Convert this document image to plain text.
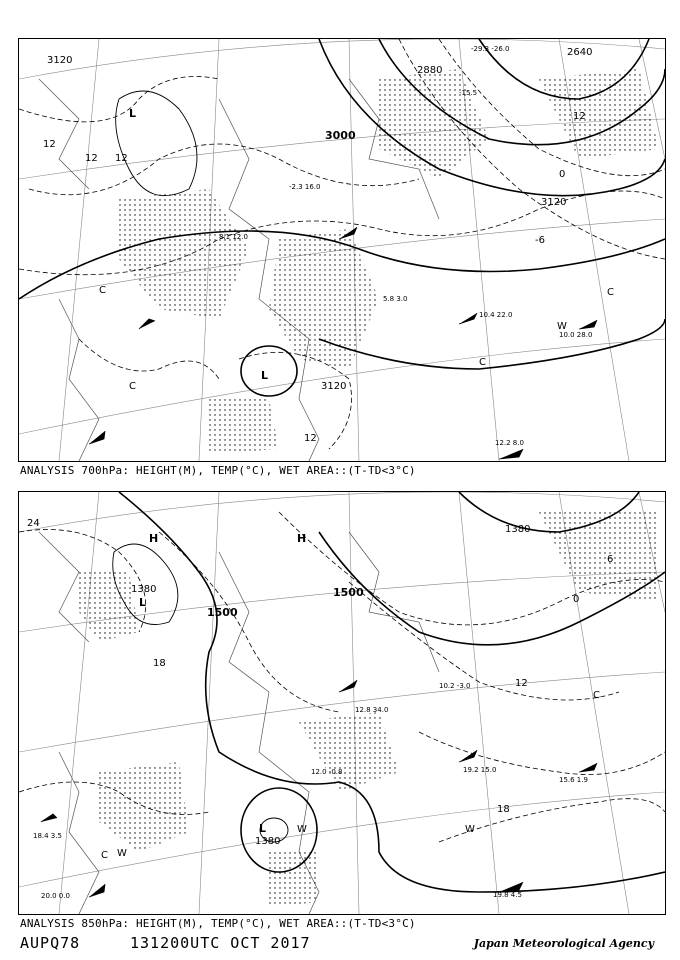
3120
3000
2880
2640
3120
3120
12
12 12
12
0
-6
12
L
L
C
W
C
C
C
10.4 22.0
10.0 28.0
12.2 8.0
-29.3 -26.0
-15.5
5.8 3.0
-2.3 16.0
8.1 12.0
ANALYSIS 700hPa: HEIGHT(M), TEMP(°C), WET AREA::(T-TD<3°C)
1380
1500
1500
1380
1380
24
18
12
18
0
6
H	H
L
L
W
C
W
W
C
19.2 15.0
19.8 4.5
12.0 -0.8
15.6 1.9
10.2 -3.0
12.8 34.0
18.4 3.5
20.0 0.0
ANALYSIS 850hPa: HEIGHT(M), TEMP(°C), WET AREA::(T-TD<3°C)
AUPQ78	131200UTC OCT 2017	Japan Meteorological Agency
